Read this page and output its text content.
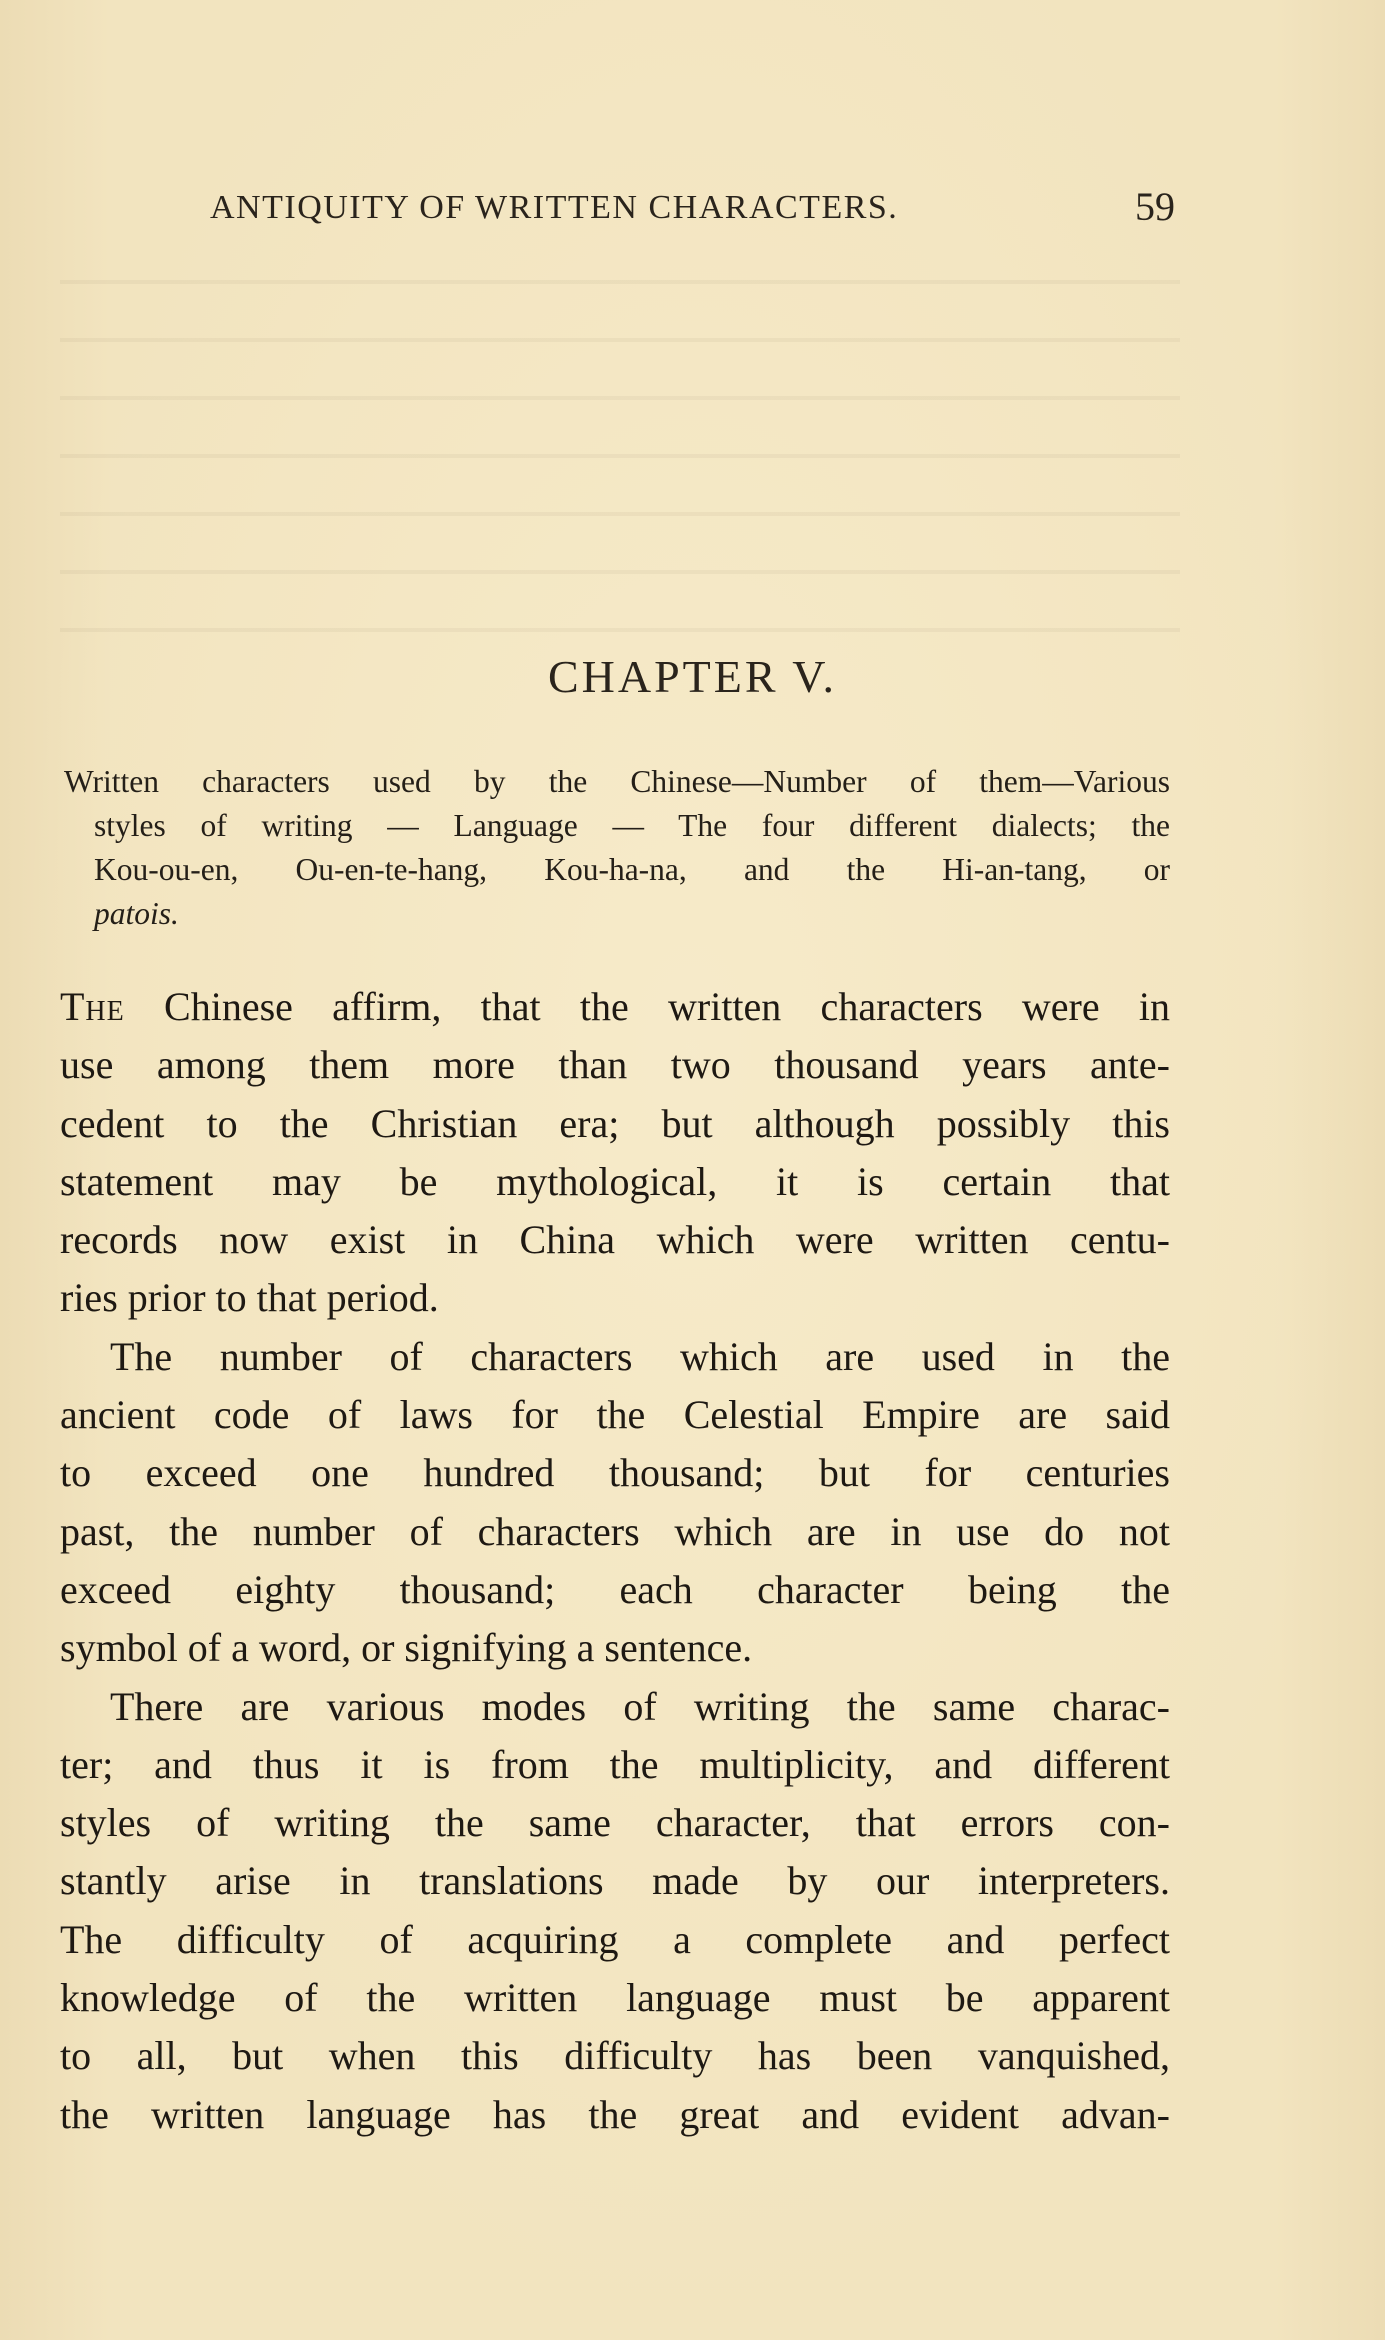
ANTIQUITY OF WRITTEN CHARACTERS.	59
CHAPTER V.
Written characters used by the Chinese—Number of them—Various
styles of writing — Language — The four different dialects; the
Kou-ou-en, Ou-en-te-hang, Kou-ha-na, and the Hi-an-tang, or
patois.
The Chinese affirm, that the written characters were in
use among them more than two thousand years ante-
cedent to the Christian era; but although possibly this
statement may be mythological, it is certain that
records now exist in China which were written centu-
ries prior to that period.
The number of characters which are used in the
ancient code of laws for the Celestial Empire are said
to exceed one hundred thousand; but for centuries
past, the number of characters which are in use do not
exceed eighty thousand; each character being the
symbol of a word, or signifying a sentence.
There are various modes of writing the same charac-
ter; and thus it is from the multiplicity, and different
styles of writing the same character, that errors con-
stantly arise in translations made by our interpreters.
The difficulty of acquiring a complete and perfect
knowledge of the written language must be apparent
to all, but when this difficulty has been vanquished,
the written language has the great and evident advan-
